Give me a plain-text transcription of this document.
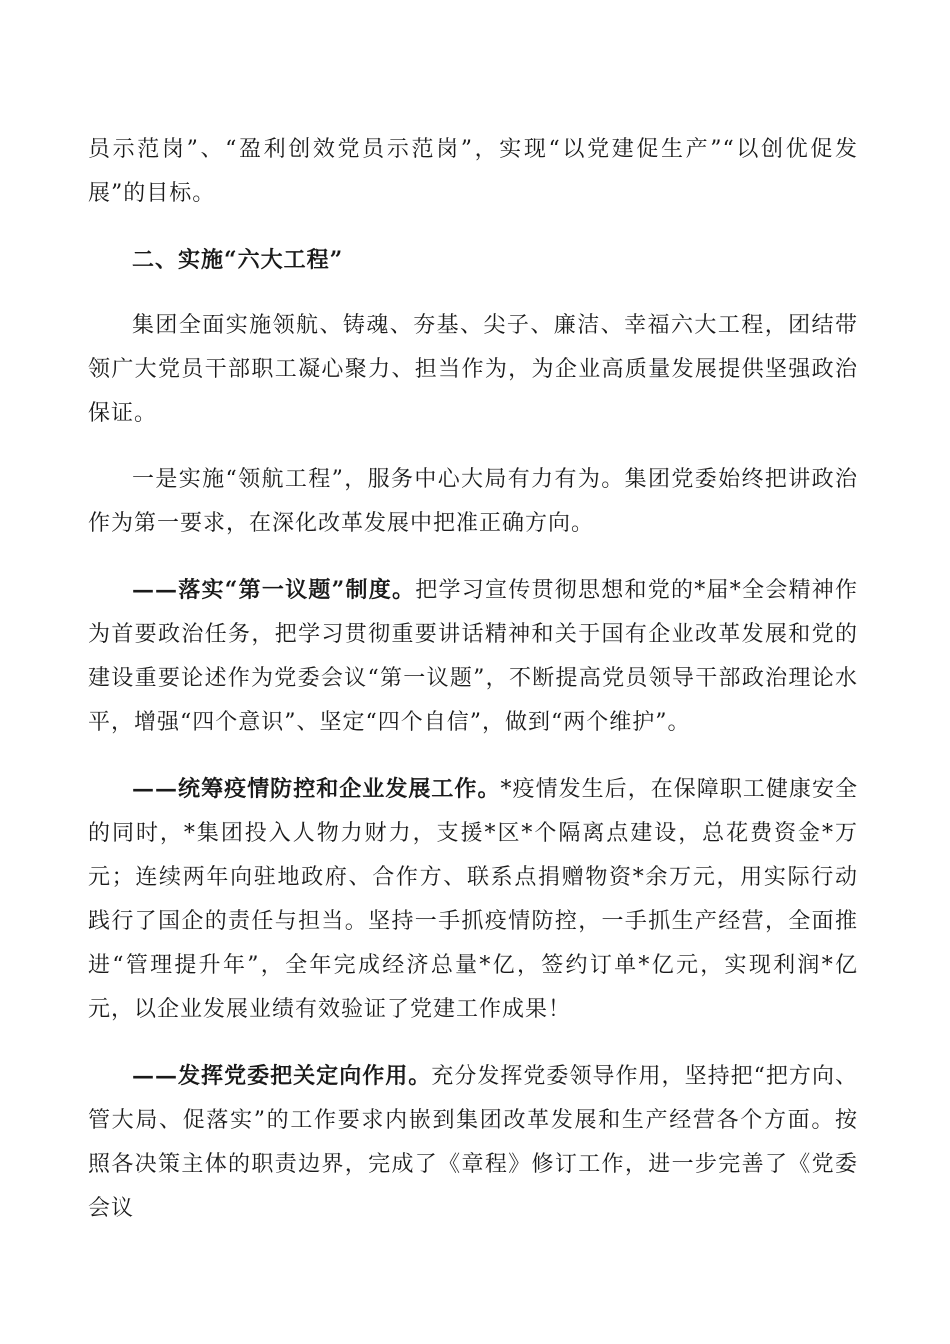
员示范岗”、“盈利创效党员示范岗”，实现“以党建促生产”“以创优促发展”的目标。

二、实施“六大工程”

集团全面实施领航、铸魂、夯基、尖子、廉洁、幸福六大工程，团结带领广大党员干部职工凝心聚力、担当作为，为企业高质量发展提供坚强政治保证。

一是实施“领航工程”，服务中心大局有力有为。集团党委始终把讲政治作为第一要求，在深化改革发展中把准正确方向。

——落实“第一议题”制度。把学习宣传贯彻思想和党的*届*全会精神作为首要政治任务，把学习贯彻重要讲话精神和关于国有企业改革发展和党的建设重要论述作为党委会议“第一议题”，不断提高党员领导干部政治理论水平，增强“四个意识”、坚定“四个自信”，做到“两个维护”。

——统筹疫情防控和企业发展工作。*疫情发生后，在保障职工健康安全的同时，*集团投入人物力财力，支援*区*个隔离点建设，总花费资金*万元；连续两年向驻地政府、合作方、联系点捐赠物资*余万元，用实际行动践行了国企的责任与担当。坚持一手抓疫情防控，一手抓生产经营，全面推进“管理提升年”，全年完成经济总量*亿，签约订单*亿元，实现利润*亿元，以企业发展业绩有效验证了党建工作成果！

——发挥党委把关定向作用。充分发挥党委领导作用，坚持把“把方向、管大局、促落实”的工作要求内嵌到集团改革发展和生产经营各个方面。按照各决策主体的职责边界，完成了《章程》修订工作，进一步完善了《党委会议
